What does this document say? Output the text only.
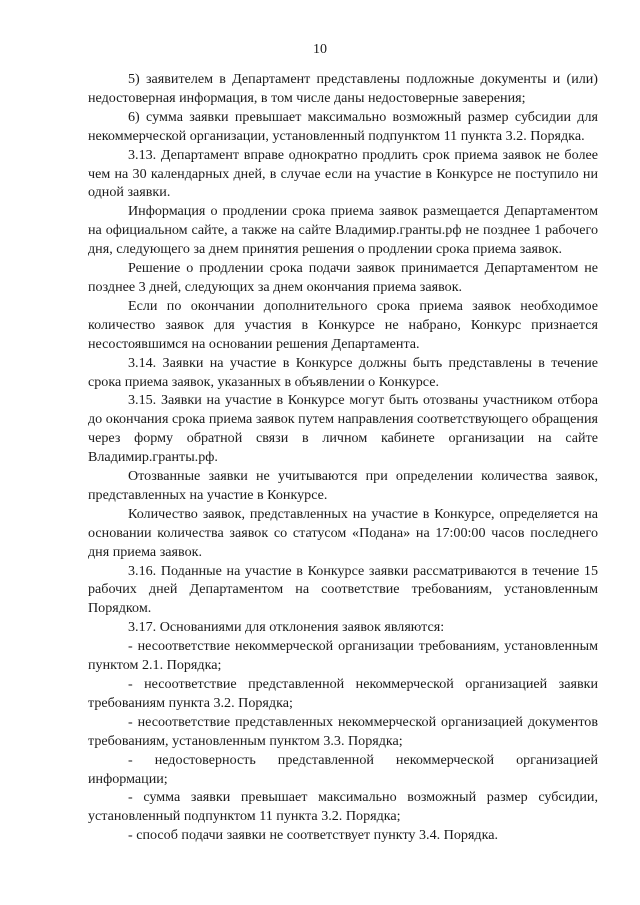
10

5) заявителем в Департамент представлены подложные документы и (или) недостоверная информация, в том числе даны недостоверные заверения;

6) сумма заявки превышает максимально возможный размер субсидии для некоммерческой организации, установленный подпунктом 11 пункта 3.2. Порядка.

3.13. Департамент вправе однократно продлить срок приема заявок не более чем на 30 календарных дней, в случае если на участие в Конкурсе не поступило ни одной заявки.

Информация о продлении срока приема заявок размещается Департаментом на официальном сайте, а также на сайте Владимир.гранты.рф не позднее 1 рабочего дня, следующего за днем принятия решения о продлении срока приема заявок.

Решение о продлении срока подачи заявок принимается Департаментом не позднее 3 дней, следующих за днем окончания приема заявок.

Если по окончании дополнительного срока приема заявок необходимое количество заявок для участия в Конкурсе не набрано, Конкурс признается несостоявшимся на основании решения Департамента.

3.14. Заявки на участие в Конкурсе должны быть представлены в течение срока приема заявок, указанных в объявлении о Конкурсе.

3.15. Заявки на участие в Конкурсе могут быть отозваны участником отбора до окончания срока приема заявок путем направления соответствующего обращения через форму обратной связи в личном кабинете организации на сайте Владимир.гранты.рф.

Отозванные заявки не учитываются при определении количества заявок, представленных на участие в Конкурсе.

Количество заявок, представленных на участие в Конкурсе, определяется на основании количества заявок со статусом «Подана» на 17:00:00 часов последнего дня приема заявок.

3.16. Поданные на участие в Конкурсе заявки рассматриваются в течение 15 рабочих дней Департаментом на соответствие требованиям, установленным Порядком.

3.17. Основаниями для отклонения заявок являются:

- несоответствие некоммерческой организации требованиям, установленным пунктом 2.1. Порядка;

- несоответствие представленной некоммерческой организацией заявки требованиям пункта 3.2. Порядка;

- несоответствие представленных некоммерческой организацией документов требованиям, установленным пунктом 3.3. Порядка;

- недостоверность представленной некоммерческой организацией информации;

- сумма заявки превышает максимально возможный размер субсидии, установленный подпунктом 11 пункта 3.2. Порядка;

- способ подачи заявки не соответствует пункту 3.4. Порядка.
